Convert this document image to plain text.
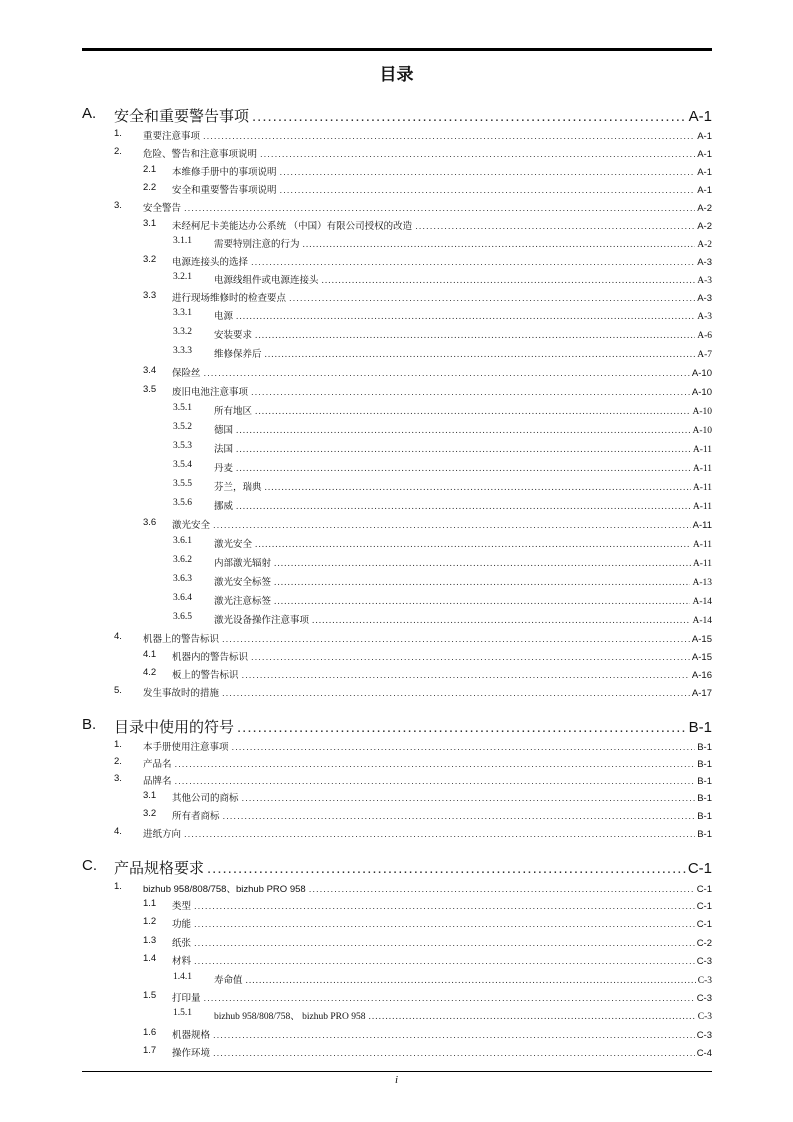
目录
A. 安全和重要警告事项 .....	A-1
1. 重要注意事项 .....	A-1
2. 危险、警告和注意事项说明 .....	A-1
2.1 本维修手册中的事项说明 .....	A-1
2.2 安全和重要警告事项说明 .....	A-1
3. 安全警告 .....	A-2
3.1 未经柯尼卡美能达办公系统 （中国）有限公司授权的改造 .....	A-2
3.1.1 需要特别注意的行为 .....	A-2
3.2 电源连接头的选择 .....	A-3
3.2.1 电源线组件或电源连接头 .....	A-3
3.3 进行现场维修时的检查要点 .....	A-3
3.3.1 电源 .....	A-3
3.3.2 安装要求 .....	A-6
3.3.3 维修保养后 .....	A-7
3.4 保险丝 .....	A-10
3.5 废旧电池注意事项 .....	A-10
3.5.1 所有地区 .....	A-10
3.5.2 德国 .....	A-10
3.5.3 法国 .....	A-11
3.5.4 丹麦 .....	A-11
3.5.5 芬兰，瑞典 .....	A-11
3.5.6 挪威 .....	A-11
3.6 激光安全 .....	A-11
3.6.1 激光安全 .....	A-11
3.6.2 内部激光辐射 .....	A-11
3.6.3 激光安全标签 .....	A-13
3.6.4 激光注意标签 .....	A-14
3.6.5 激光设备操作注意事项 .....	A-14
4. 机器上的警告标识 .....	A-15
4.1 机器内的警告标识 .....	A-15
4.2 板上的警告标识 .....	A-16
5. 发生事故时的措施 .....	A-17
B. 目录中使用的符号 .....	B-1
1. 本手册使用注意事项 .....	B-1
2. 产品名 .....	B-1
3. 品牌名 .....	B-1
3.1 其他公司的商标 .....	B-1
3.2 所有者商标 .....	B-1
4. 进纸方向 .....	B-1
C. 产品规格要求 .....	C-1
1. bizhub 958/808/758、bizhub PRO 958 .....	C-1
1.1 类型 .....	C-1
1.2 功能 .....	C-1
1.3 纸张 .....	C-2
1.4 材料 .....	C-3
1.4.1 寿命值 .....	C-3
1.5 打印量 .....	C-3
1.5.1 bizhub 958/808/758、 bizhub PRO 958 .....	C-3
1.6 机器规格 .....	C-3
1.7 操作环境 .....	C-4
i
